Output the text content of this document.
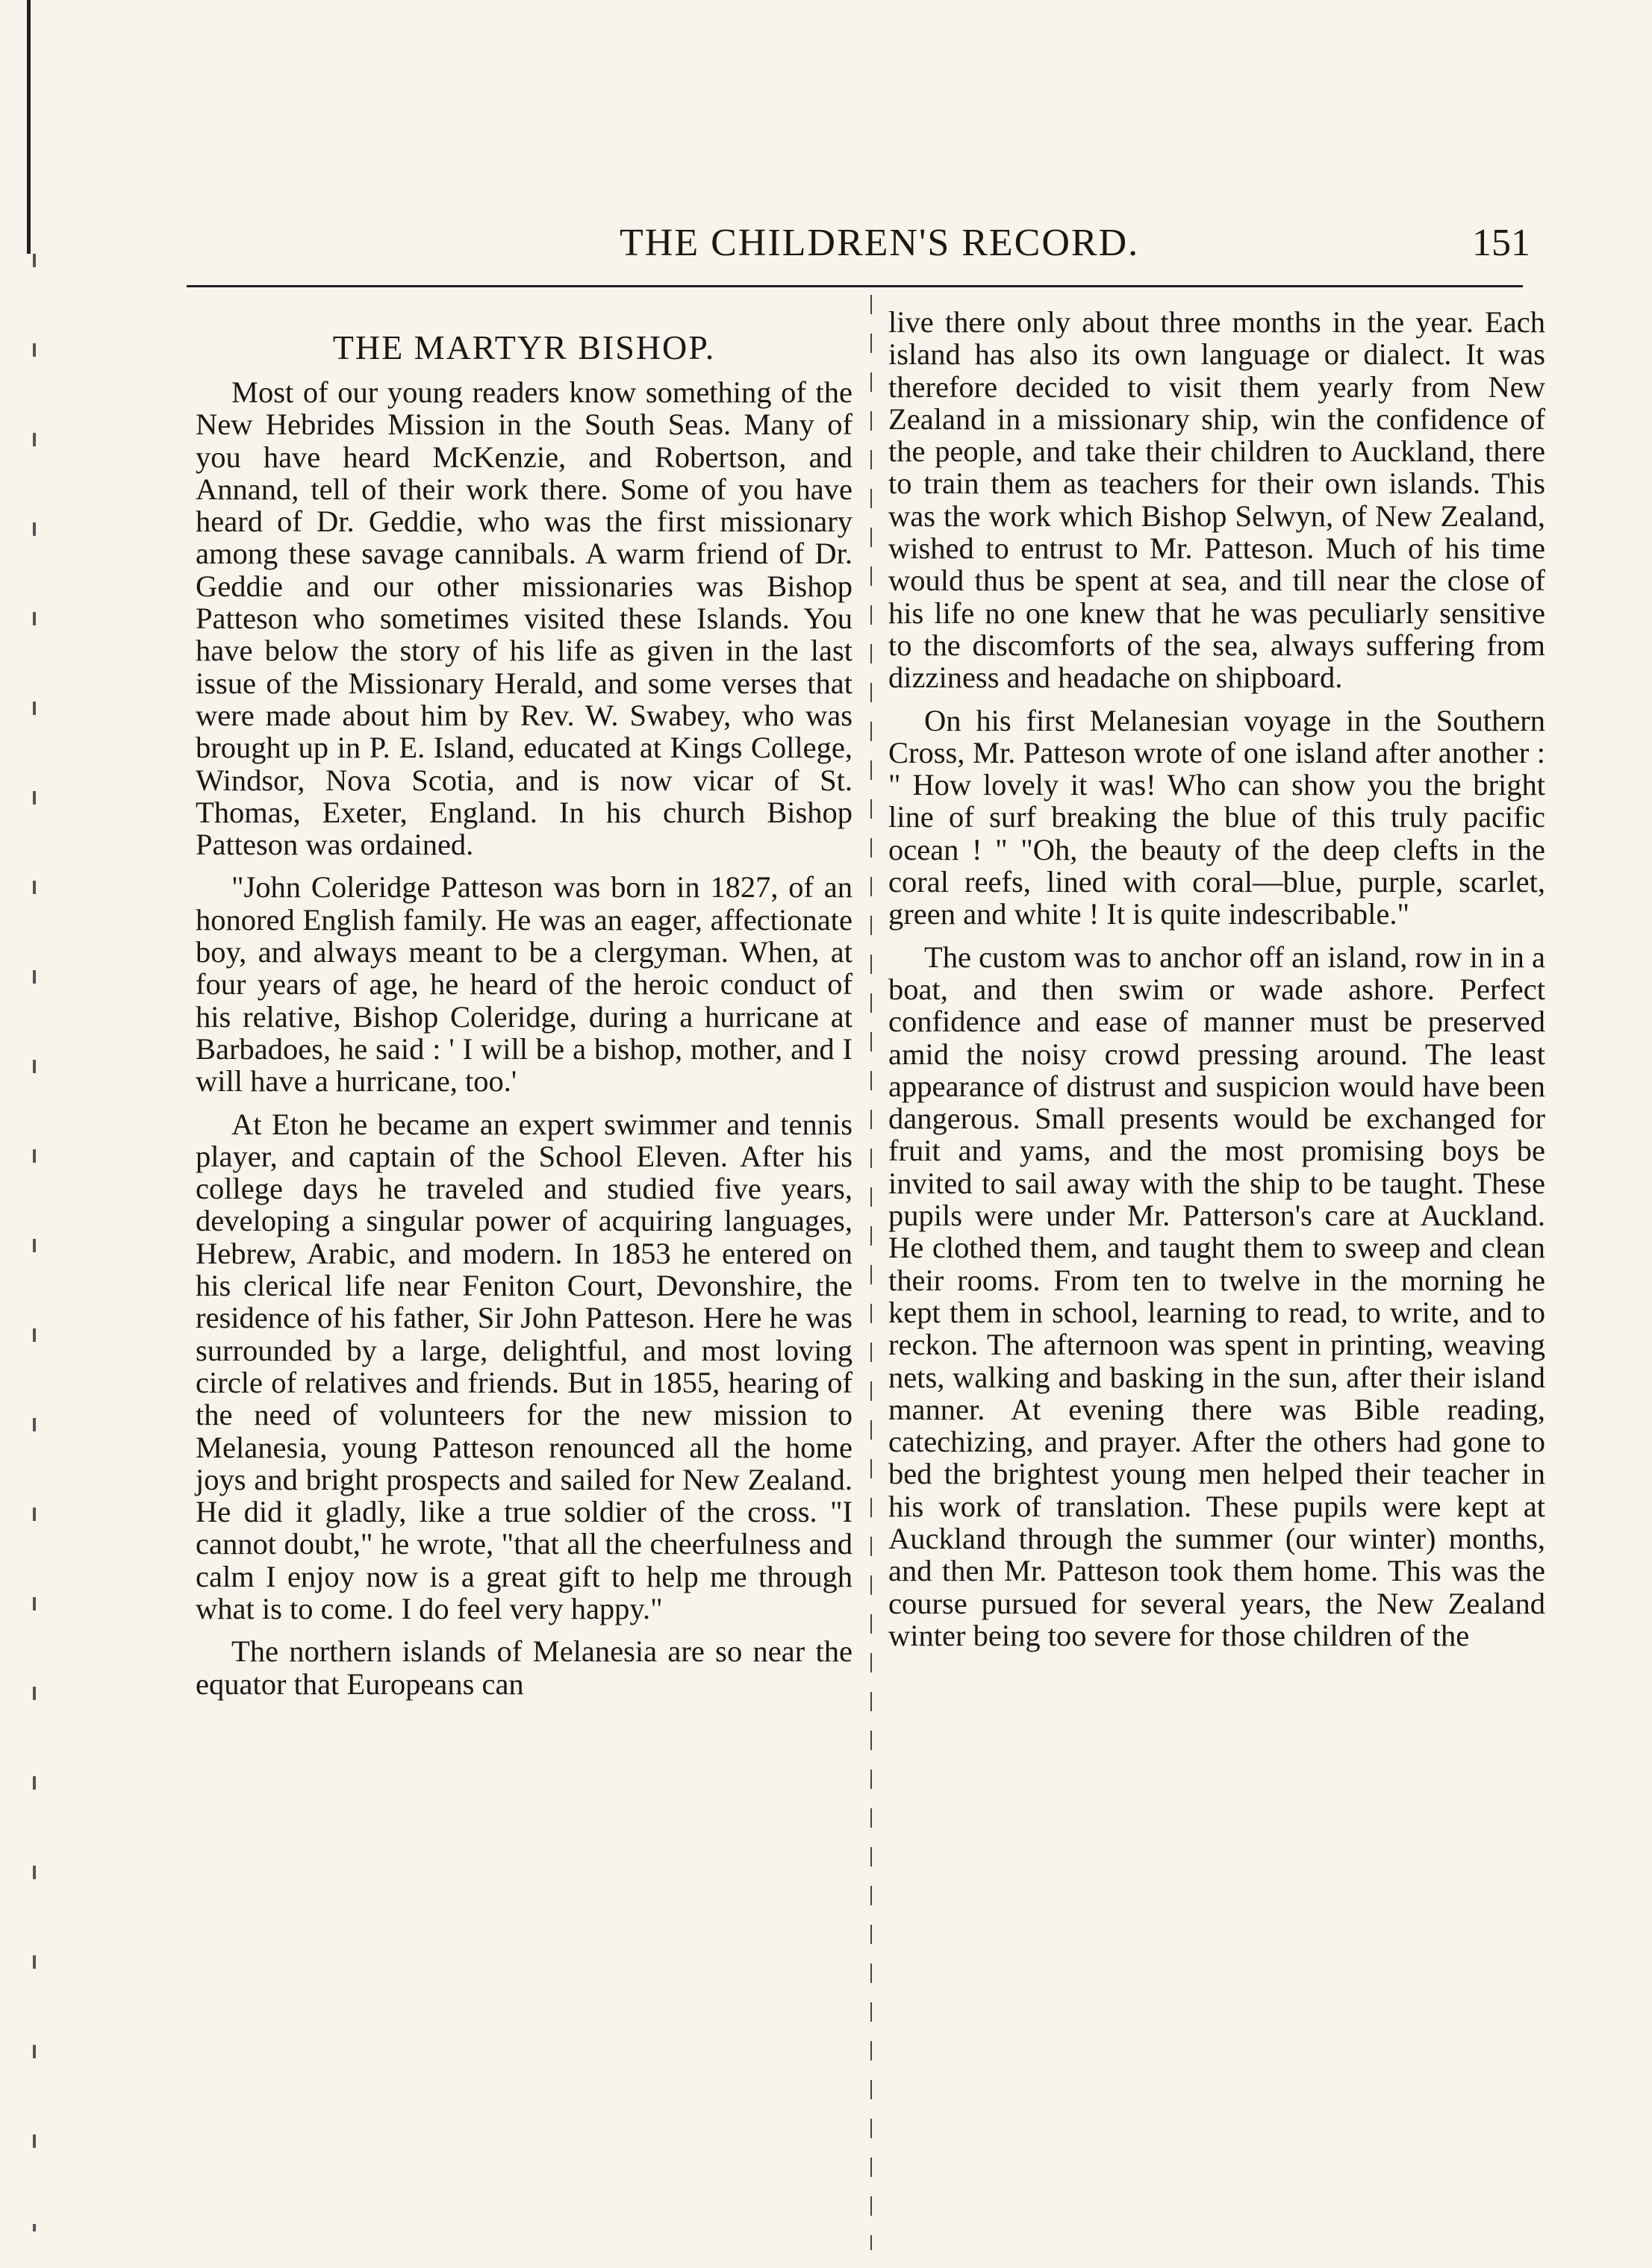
THE CHILDREN'S RECORD.	151
THE MARTYR BISHOP.

Most of our young readers know something of the New Hebrides Mission in the South Seas. Many of you have heard McKenzie, and Robertson, and Annand, tell of their work there. Some of you have heard of Dr. Geddie, who was the first missionary among these savage cannibals. A warm friend of Dr. Geddie and our other missionaries was Bishop Patteson who sometimes visited these Islands. You have below the story of his life as given in the last issue of the Missionary Herald, and some verses that were made about him by Rev. W. Swabey, who was brought up in P. E. Island, educated at Kings College, Windsor, Nova Scotia, and is now vicar of St. Thomas, Exeter, England. In his church Bishop Patteson was ordained.

"John Coleridge Patteson was born in 1827, of an honored English family. He was an eager, affectionate boy, and always meant to be a clergyman. When, at four years of age, he heard of the heroic conduct of his relative, Bishop Coleridge, during a hurricane at Barbadoes, he said : ' I will be a bishop, mother, and I will have a hurricane, too.'

At Eton he became an expert swimmer and tennis player, and captain of the School Eleven. After his college days he traveled and studied five years, developing a singular power of acquiring languages, Hebrew, Arabic, and modern. In 1853 he entered on his clerical life near Feniton Court, Devonshire, the residence of his father, Sir John Patteson. Here he was surrounded by a large, delightful, and most loving circle of relatives and friends. But in 1855, hearing of the need of volunteers for the new mission to Melanesia, young Patteson renounced all the home joys and bright prospects and sailed for New Zealand. He did it gladly, like a true soldier of the cross. "I cannot doubt," he wrote, "that all the cheerfulness and calm I enjoy now is a great gift to help me through what is to come. I do feel very happy."

The northern islands of Melanesia are so near the equator that Europeans can

live there only about three months in the year. Each island has also its own language or dialect. It was therefore decided to visit them yearly from New Zealand in a missionary ship, win the confidence of the people, and take their children to Auckland, there to train them as teachers for their own islands. This was the work which Bishop Selwyn, of New Zealand, wished to entrust to Mr. Patteson. Much of his time would thus be spent at sea, and till near the close of his life no one knew that he was peculiarly sensitive to the discomforts of the sea, always suffering from dizziness and headache on shipboard.

On his first Melanesian voyage in the Southern Cross, Mr. Patteson wrote of one island after another : " How lovely it was! Who can show you the bright line of surf breaking the blue of this truly pacific ocean ! " "Oh, the beauty of the deep clefts in the coral reefs, lined with coral—blue, purple, scarlet, green and white ! It is quite indescribable."

The custom was to anchor off an island, row in in a boat, and then swim or wade ashore. Perfect confidence and ease of manner must be preserved amid the noisy crowd pressing around. The least appearance of distrust and suspicion would have been dangerous. Small presents would be exchanged for fruit and yams, and the most promising boys be invited to sail away with the ship to be taught. These pupils were under Mr. Patterson's care at Auckland. He clothed them, and taught them to sweep and clean their rooms. From ten to twelve in the morning he kept them in school, learning to read, to write, and to reckon. The afternoon was spent in printing, weaving nets, walking and basking in the sun, after their island manner. At evening there was Bible reading, catechizing, and prayer. After the others had gone to bed the brightest young men helped their teacher in his work of translation. These pupils were kept at Auckland through the summer (our winter) months, and then Mr. Patteson took them home. This was the course pursued for several years, the New Zealand winter being too severe for those children of the
